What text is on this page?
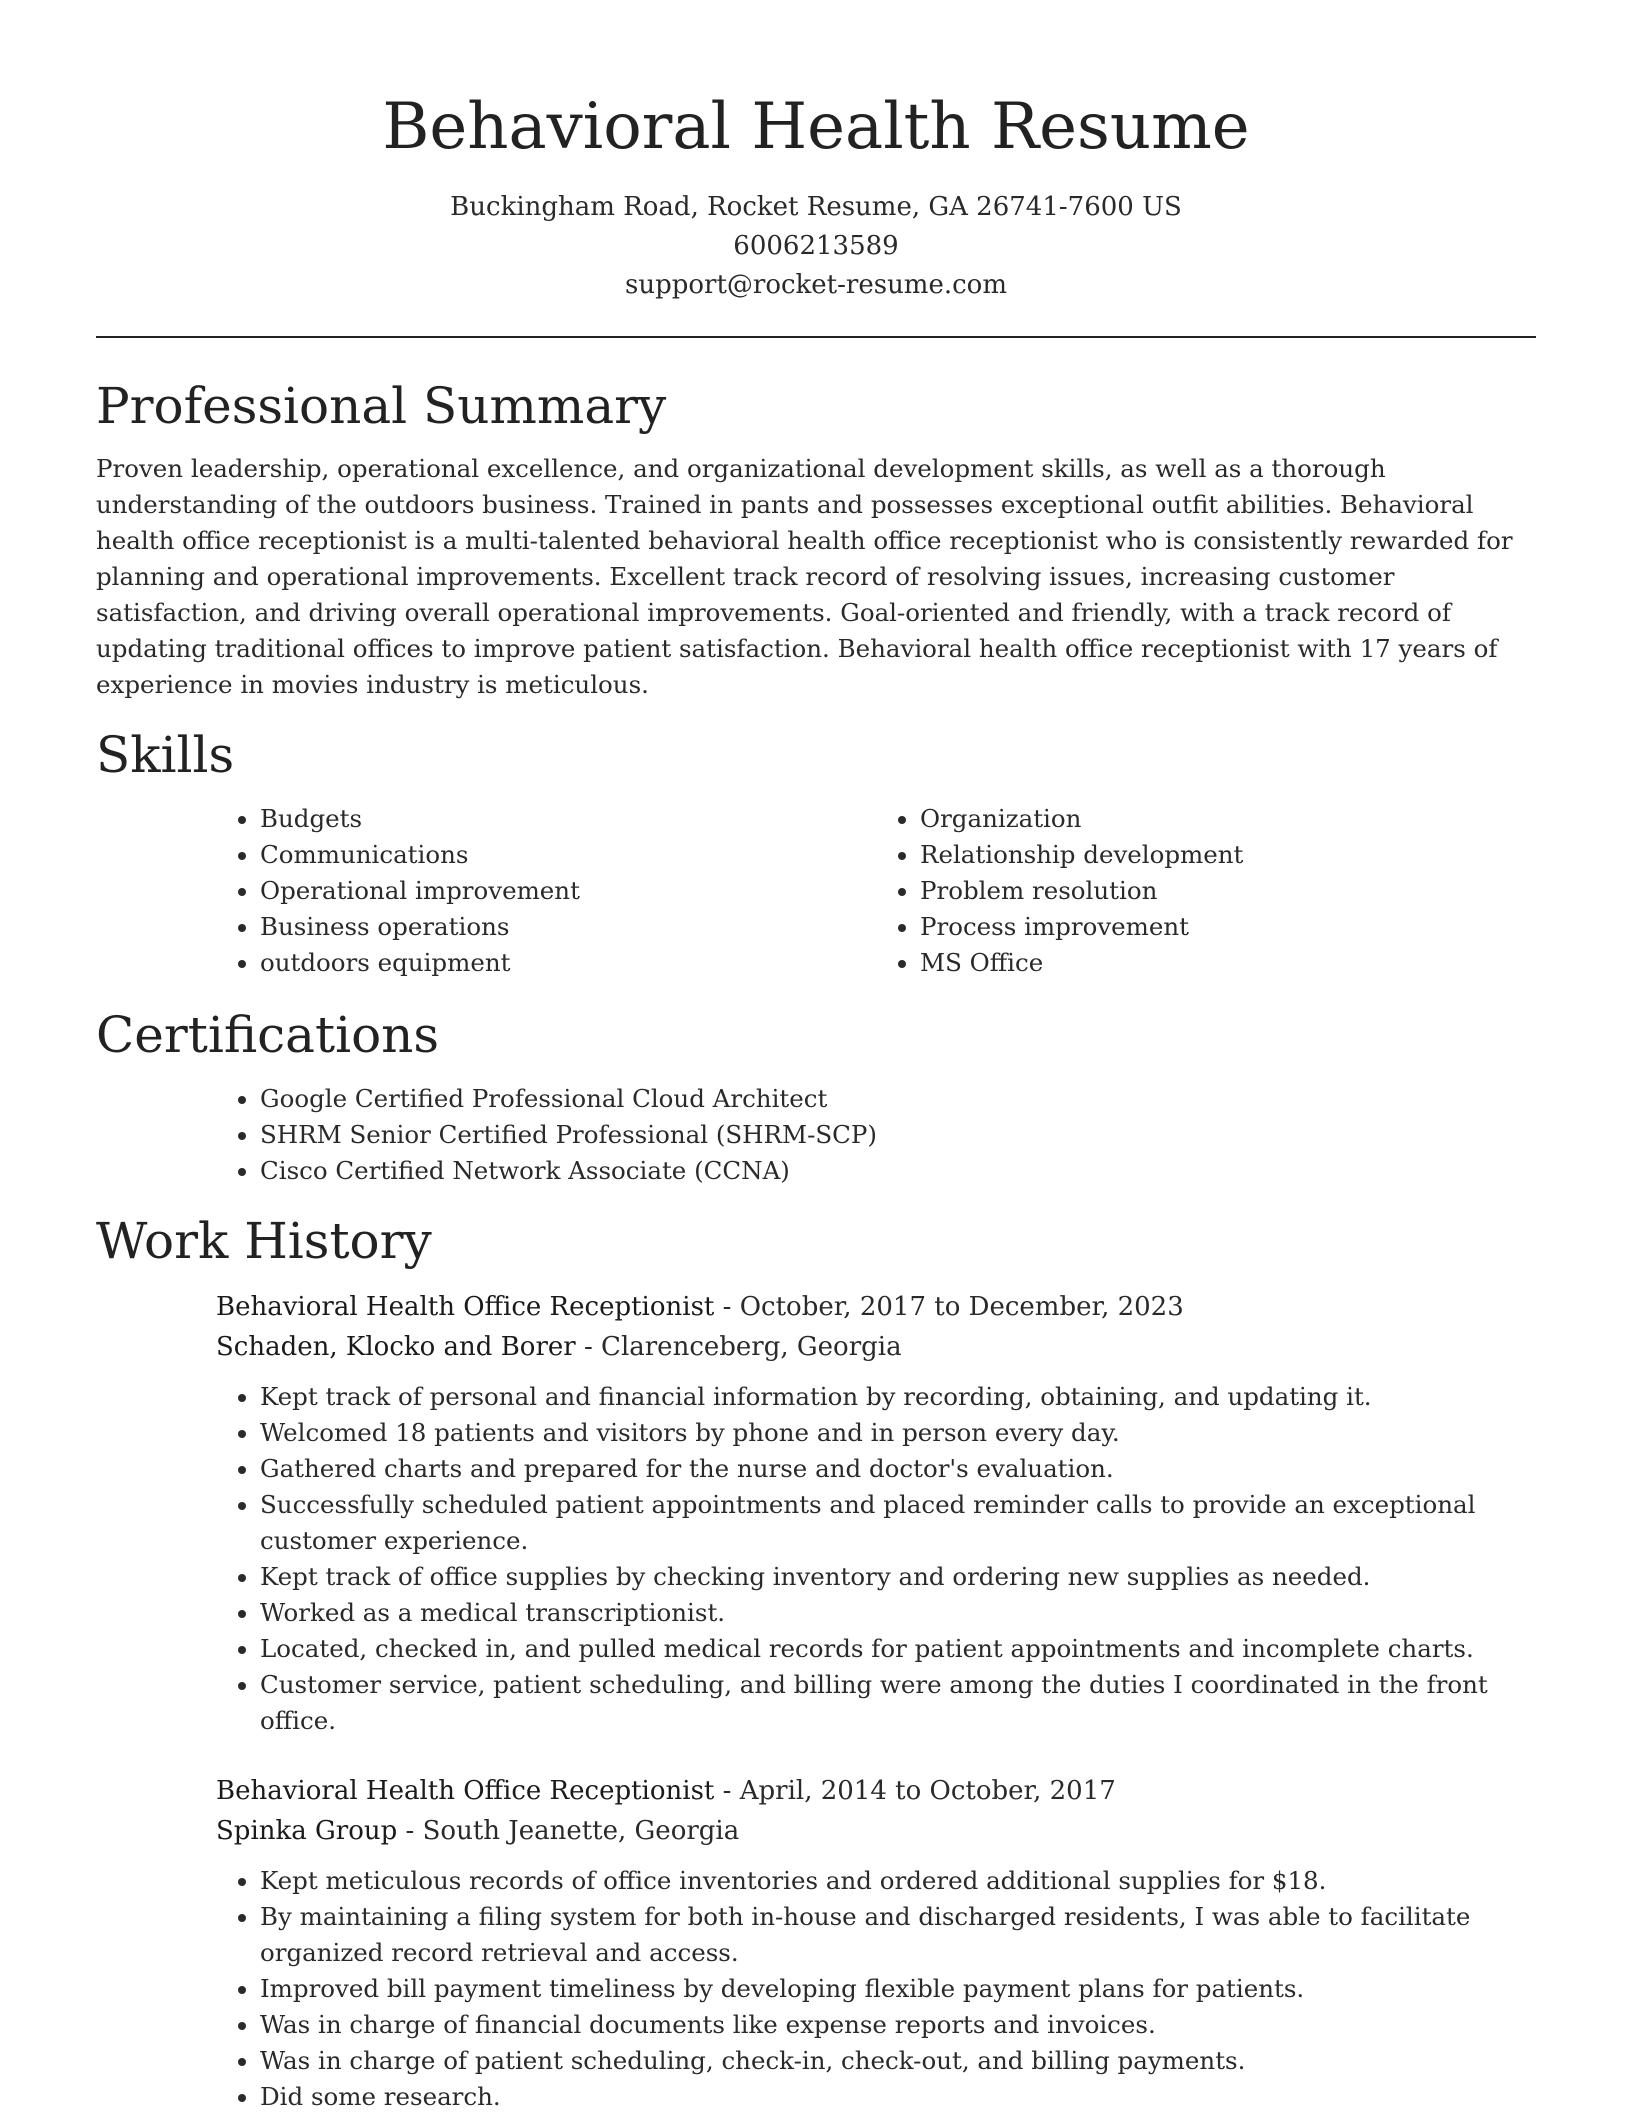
Behavioral Health Resume
Buckingham Road, Rocket Resume, GA 26741-7600 US
6006213589
support@rocket-resume.com
Professional Summary

Proven leadership, operational excellence, and organizational development skills, as well as a thorough understanding of the outdoors business. Trained in pants and possesses exceptional outfit abilities. Behavioral health office receptionist is a multi-talented behavioral health office receptionist who is consistently rewarded for planning and operational improvements. Excellent track record of resolving issues, increasing customer satisfaction, and driving overall operational improvements. Goal-oriented and friendly, with a track record of updating traditional offices to improve patient satisfaction. Behavioral health office receptionist with 17 years of experience in movies industry is meticulous.

Skills
• Budgets
• Communications
• Operational improvement
• Business operations
• outdoors equipment
• Organization
• Relationship development
• Problem resolution
• Process improvement
• MS Office
Certifications
• Google Certified Professional Cloud Architect
• SHRM Senior Certified Professional (SHRM-SCP)
• Cisco Certified Network Associate (CCNA)
Work History
Behavioral Health Office Receptionist - October, 2017 to December, 2023
Schaden, Klocko and Borer - Clarenceberg, Georgia
• Kept track of personal and financial information by recording, obtaining, and updating it.
• Welcomed 18 patients and visitors by phone and in person every day.
• Gathered charts and prepared for the nurse and doctor's evaluation.
• Successfully scheduled patient appointments and placed reminder calls to provide an exceptional customer experience.
• Kept track of office supplies by checking inventory and ordering new supplies as needed.
• Worked as a medical transcriptionist.
• Located, checked in, and pulled medical records for patient appointments and incomplete charts.
• Customer service, patient scheduling, and billing were among the duties I coordinated in the front office.
Behavioral Health Office Receptionist - April, 2014 to October, 2017
Spinka Group - South Jeanette, Georgia
• Kept meticulous records of office inventories and ordered additional supplies for $18.
• By maintaining a filing system for both in-house and discharged residents, I was able to facilitate organized record retrieval and access.
• Improved bill payment timeliness by developing flexible payment plans for patients.
• Was in charge of financial documents like expense reports and invoices.
• Was in charge of patient scheduling, check-in, check-out, and billing payments.
• Did some research.
